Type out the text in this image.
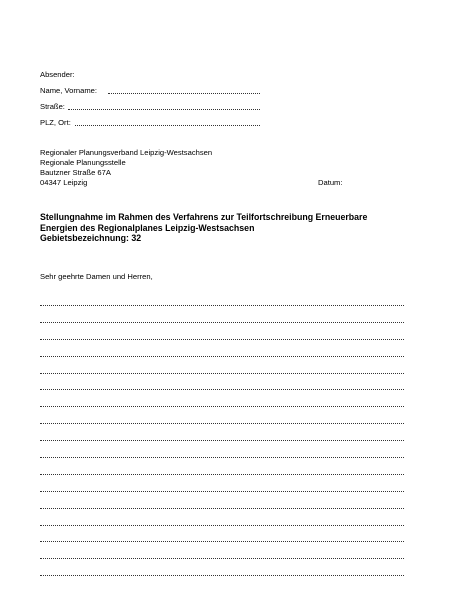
Absender:
Name, Vorname:
Straße:
PLZ, Ort:
Regionaler Planungsverband Leipzig-Westsachsen
Regionale Planungsstelle
Bautzner Straße 67A
04347 Leipzig	Datum:
Stellungnahme im Rahmen des Verfahrens zur Teilfortschreibung Erneuerbare
Energien des Regionalplanes Leipzig-Westsachsen
Gebietsbezeichnung: 32
Sehr geehrte Damen und Herren,
